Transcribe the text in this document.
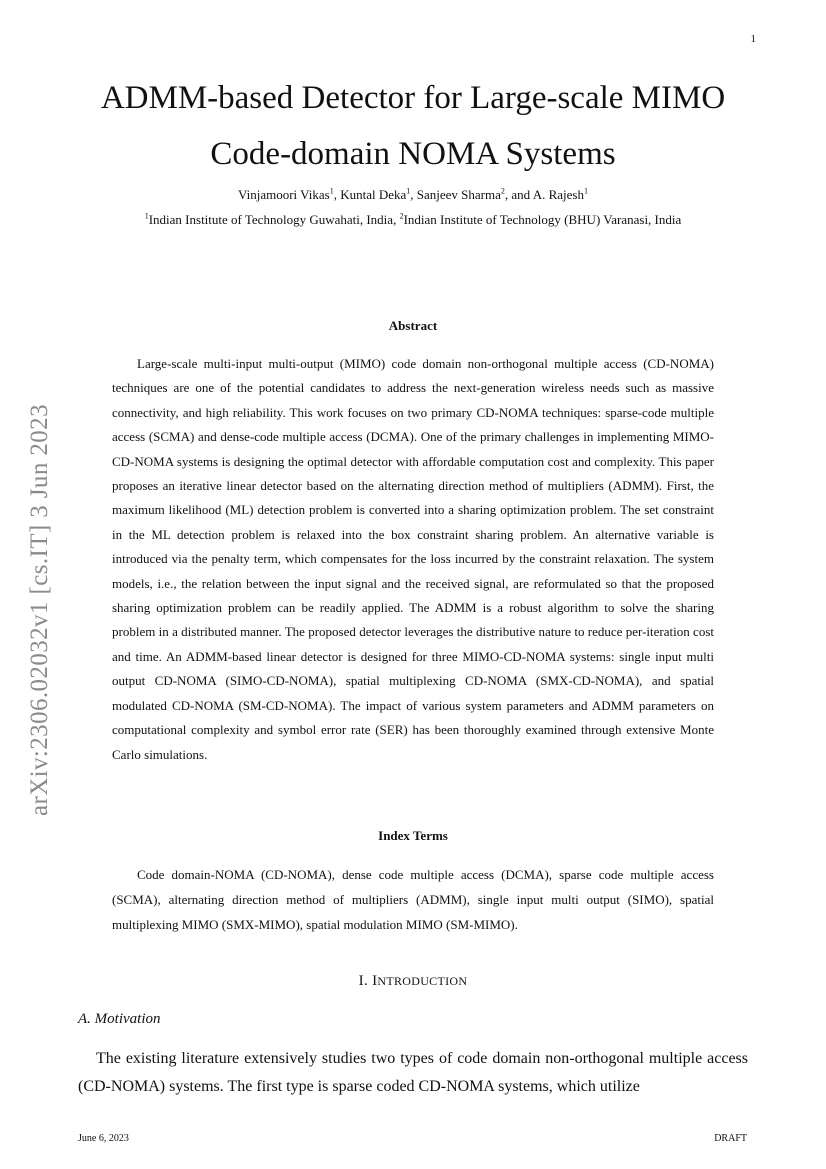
1
arXiv:2306.02032v1 [cs.IT] 3 Jun 2023
ADMM-based Detector for Large-scale MIMO
Code-domain NOMA Systems
Vinjamoori Vikas$^1$, Kuntal Deka$^1$, Sanjeev Sharma$^2$, and A. Rajesh$^1$
$^1$Indian Institute of Technology Guwahati, India, $^2$Indian Institute of Technology (BHU) Varanasi, India
Abstract

Large-scale multi-input multi-output (MIMO) code domain non-orthogonal multiple access (CD-NOMA) techniques are one of the potential candidates to address the next-generation wireless needs such as massive connectivity, and high reliability. This work focuses on two primary CD-NOMA techniques: sparse-code multiple access (SCMA) and dense-code multiple access (DCMA). One of the primary challenges in implementing MIMO-CD-NOMA systems is designing the optimal detector with affordable computation cost and complexity. This paper proposes an iterative linear detector based on the alternating direction method of multipliers (ADMM). First, the maximum likelihood (ML) detection problem is converted into a sharing optimization problem. The set constraint in the ML detection problem is relaxed into the box constraint sharing problem. An alternative variable is introduced via the penalty term, which compensates for the loss incurred by the constraint relaxation. The system models, i.e., the relation between the input signal and the received signal, are reformulated so that the proposed sharing optimization problem can be readily applied. The ADMM is a robust algorithm to solve the sharing problem in a distributed manner. The proposed detector leverages the distributive nature to reduce per-iteration cost and time. An ADMM-based linear detector is designed for three MIMO-CD-NOMA systems: single input multi output CD-NOMA (SIMO-CD-NOMA), spatial multiplexing CD-NOMA (SMX-CD-NOMA), and spatial modulated CD-NOMA (SM-CD-NOMA). The impact of various system parameters and ADMM parameters on computational complexity and symbol error rate (SER) has been thoroughly examined through extensive Monte Carlo simulations.

Index Terms

Code domain-NOMA (CD-NOMA), dense code multiple access (DCMA), sparse code multiple access (SCMA), alternating direction method of multipliers (ADMM), single input multi output (SIMO), spatial multiplexing MIMO (SMX-MIMO), spatial modulation MIMO (SM-MIMO).

I. INTRODUCTION
A. Motivation

The existing literature extensively studies two types of code domain non-orthogonal multiple access (CD-NOMA) systems. The first type is sparse coded CD-NOMA systems, which utilize

June 6, 2023	DRAFT
